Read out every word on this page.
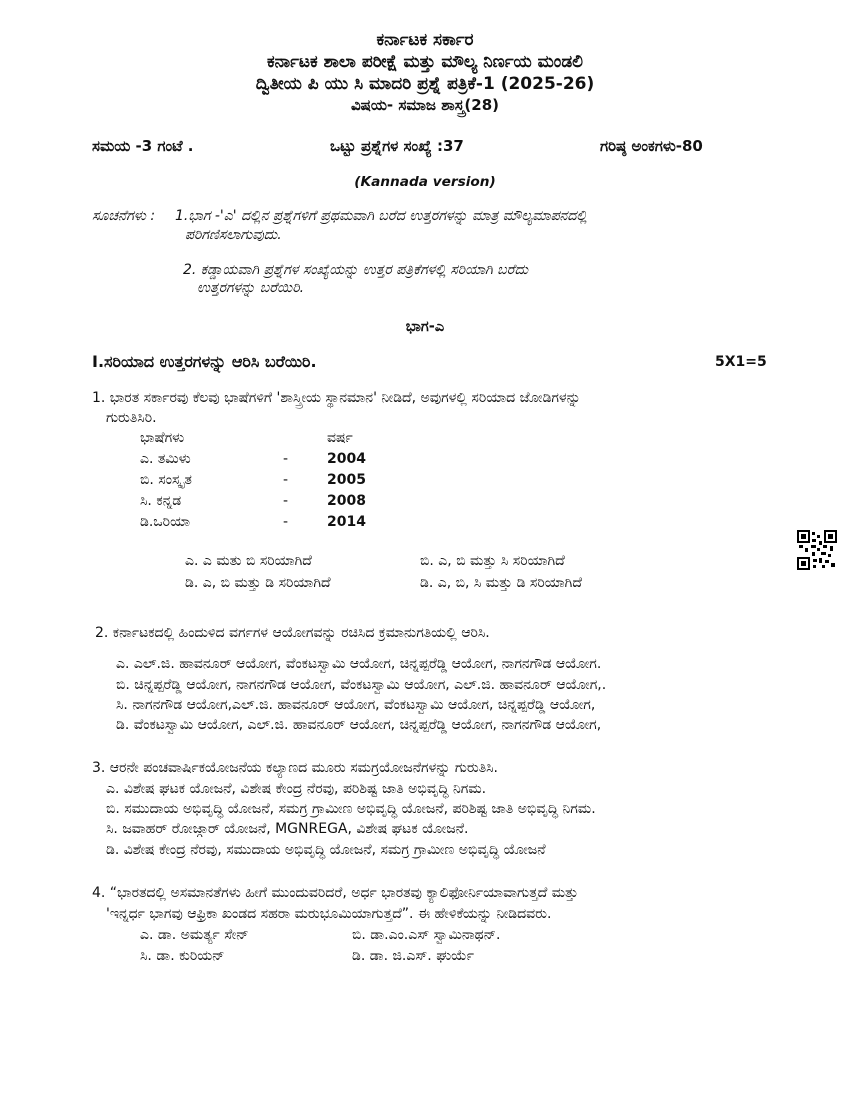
ಕರ್ನಾಟಕ ಸರ್ಕಾರ
ಕರ್ನಾಟಕ ಶಾಲಾ ಪರೀಕ್ಷೆ ಮತ್ತು ಮೌಲ್ಯ ನಿರ್ಣಯ ಮಂಡಲಿ
ದ್ವಿತೀಯ ಪಿ ಯು ಸಿ ಮಾದರಿ ಪ್ರಶ್ನೆ ಪತ್ರಿಕೆ-1 (2025-26)
ವಿಷಯ- ಸಮಾಜ ಶಾಸ್ತ್ರ(28)
ಸಮಯ -3 ಗಂಟೆ .	ಒಟ್ಟು ಪ್ರಶ್ನೆಗಳ ಸಂಖ್ಯೆ :37	ಗರಿಷ್ಠ ಅಂಕಗಳು-80
(Kannada version)
ಸೂಚನೆಗಳು : 1.ಭಾಗ -'ಎ' ದಲ್ಲಿನ ಪ್ರಶ್ನೆಗಳಿಗೆ ಪ್ರಥಮವಾಗಿ ಬರೆದ ಉತ್ತರಗಳನ್ನು ಮಾತ್ರ ಮೌಲ್ಯಮಾಪನದಲ್ಲಿ
ಪರಿಗಣಿಸಲಾಗುವುದು.
2. ಕಡ್ಡಾಯವಾಗಿ ಪ್ರಶ್ನೆಗಳ ಸಂಖ್ಯೆಯನ್ನು ಉತ್ತರ ಪತ್ರಿಕೆಗಳಲ್ಲಿ ಸರಿಯಾಗಿ ಬರೆದು
ಉತ್ತರಗಳನ್ನು ಬರೆಯಿರಿ.
ಭಾಗ-ಎ
I.ಸರಿಯಾದ ಉತ್ತರಗಳನ್ನು ಆರಿಸಿ ಬರೆಯಿರಿ.	5X1=5
1. ಭಾರತ ಸರ್ಕಾರವು ಕೆಲವು ಭಾಷೆಗಳಿಗೆ 'ಶಾಸ್ತ್ರೀಯ ಸ್ಥಾನಮಾನ' ನೀಡಿದೆ, ಅವುಗಳಲ್ಲಿ ಸರಿಯಾದ ಜೋಡಿಗಳನ್ನು
ಗುರುತಿಸಿರಿ.
ಭಾಷೆಗಳು	ವರ್ಷ
ಎ. ತಮಿಳು	-	2004
ಬಿ. ಸಂಸ್ಕೃತ	-	2005
ಸಿ. ಕನ್ನಡ	-	2008
ಡಿ.ಒರಿಯಾ	-	2014
ಎ. ಎ ಮತು ಬಿ ಸರಿಯಾಗಿದೆ	ಬಿ. ಎ, ಬಿ ಮತ್ತು ಸಿ ಸರಿಯಾಗಿದೆ
ಡಿ. ಎ, ಬಿ ಮತ್ತು ಡಿ ಸರಿಯಾಗಿದೆ	ಡಿ. ಎ, ಬಿ, ಸಿ ಮತ್ತು ಡಿ ಸರಿಯಾಗಿದೆ
2. ಕರ್ನಾಟಕದಲ್ಲಿ ಹಿಂದುಳಿದ ವರ್ಗಗಳ ಆಯೋಗವನ್ನು ರಚಿಸಿದ ಕ್ರಮಾನುಗತಿಯಲ್ಲಿ ಆರಿಸಿ.
ಎ. ಎಲ್.ಜಿ. ಹಾವನೂರ್ ಆಯೋಗ, ವೆಂಕಟಸ್ವಾಮಿ ಆಯೋಗ, ಚಿನ್ನಪ್ಪರೆಡ್ಡಿ ಆಯೋಗ, ನಾಗನಗೌಡ ಆಯೋಗ.
ಬಿ. ಚಿನ್ನಪ್ಪರೆಡ್ಡಿ ಆಯೋಗ, ನಾಗನಗೌಡ ಆಯೋಗ, ವೆಂಕಟಸ್ವಾಮಿ ಆಯೋಗ, ಎಲ್.ಜಿ. ಹಾವನೂರ್ ಆಯೋಗ,.
ಸಿ. ನಾಗನಗೌಡ ಆಯೋಗ,ಎಲ್.ಜಿ. ಹಾವನೂರ್ ಆಯೋಗ, ವೆಂಕಟಸ್ವಾಮಿ ಆಯೋಗ, ಚಿನ್ನಪ್ಪರೆಡ್ಡಿ ಆಯೋಗ,
ಡಿ. ವೆಂಕಟಸ್ವಾಮಿ ಆಯೋಗ, ಎಲ್.ಜಿ. ಹಾವನೂರ್ ಆಯೋಗ, ಚಿನ್ನಪ್ಪರೆಡ್ಡಿ ಆಯೋಗ, ನಾಗನಗೌಡ ಆಯೋಗ,
3. ಆರನೇ ಪಂಚವಾರ್ಷಿಕಯೋಜನೆಯ ಕಲ್ಯಾಣದ ಮೂರು ಸಮಗ್ರಯೋಜನೆಗಳನ್ನು ಗುರುತಿಸಿ.
ಎ. ವಿಶೇಷ ಘಟಕ ಯೋಜನೆ, ವಿಶೇಷ ಕೇಂದ್ರ ನೆರವು, ಪರಿಶಿಷ್ಟ ಜಾತಿ ಅಭಿವೃದ್ಧಿ ನಿಗಮ.
ಬಿ. ಸಮುದಾಯ ಅಭಿವೃದ್ಧಿ ಯೋಜನೆ, ಸಮಗ್ರ ಗ್ರಾಮೀಣ ಅಭಿವೃದ್ಧಿ ಯೋಜನೆ, ಪರಿಶಿಷ್ಟ ಜಾತಿ ಅಭಿವೃದ್ಧಿ ನಿಗಮ.
ಸಿ. ಜವಾಹರ್ ರೋಜ್ಗಾರ್ ಯೋಜನೆ, MGNREGA, ವಿಶೇಷ ಘಟಕ ಯೋಜನೆ.
ಡಿ. ವಿಶೇಷ ಕೇಂದ್ರ ನೆರವು, ಸಮುದಾಯ ಅಭಿವೃದ್ಧಿ ಯೋಜನೆ, ಸಮಗ್ರ ಗ್ರಾಮೀಣ ಅಭಿವೃದ್ಧಿ ಯೋಜನೆ
4. “ಭಾರತದಲ್ಲಿ ಅಸಮಾನತೆಗಳು ಹೀಗೆ ಮುಂದುವರಿದರೆ, ಅರ್ಧ ಭಾರತವು ಕ್ಯಾಲಿಫೋರ್ನಿಯಾವಾಗುತ್ತದೆ ಮತ್ತು
'ಇನ್ನರ್ಧ ಭಾಗವು ಆಫ್ರಿಕಾ ಖಂಡದ ಸಹರಾ ಮರುಭೂಮಿಯಾಗುತ್ತದೆ”. ಈ ಹೇಳಿಕೆಯನ್ನು ನೀಡಿದವರು.
ಎ. ಡಾ. ಅಮರ್ತ್ಯ ಸೇನ್	ಬಿ. ಡಾ.ಎಂ.ಎಸ್ ಸ್ವಾಮಿನಾಥನ್.
ಸಿ. ಡಾ. ಕುರಿಯನ್	ಡಿ. ಡಾ. ಜಿ.ಎಸ್. ಘುರ್ಯೆ
